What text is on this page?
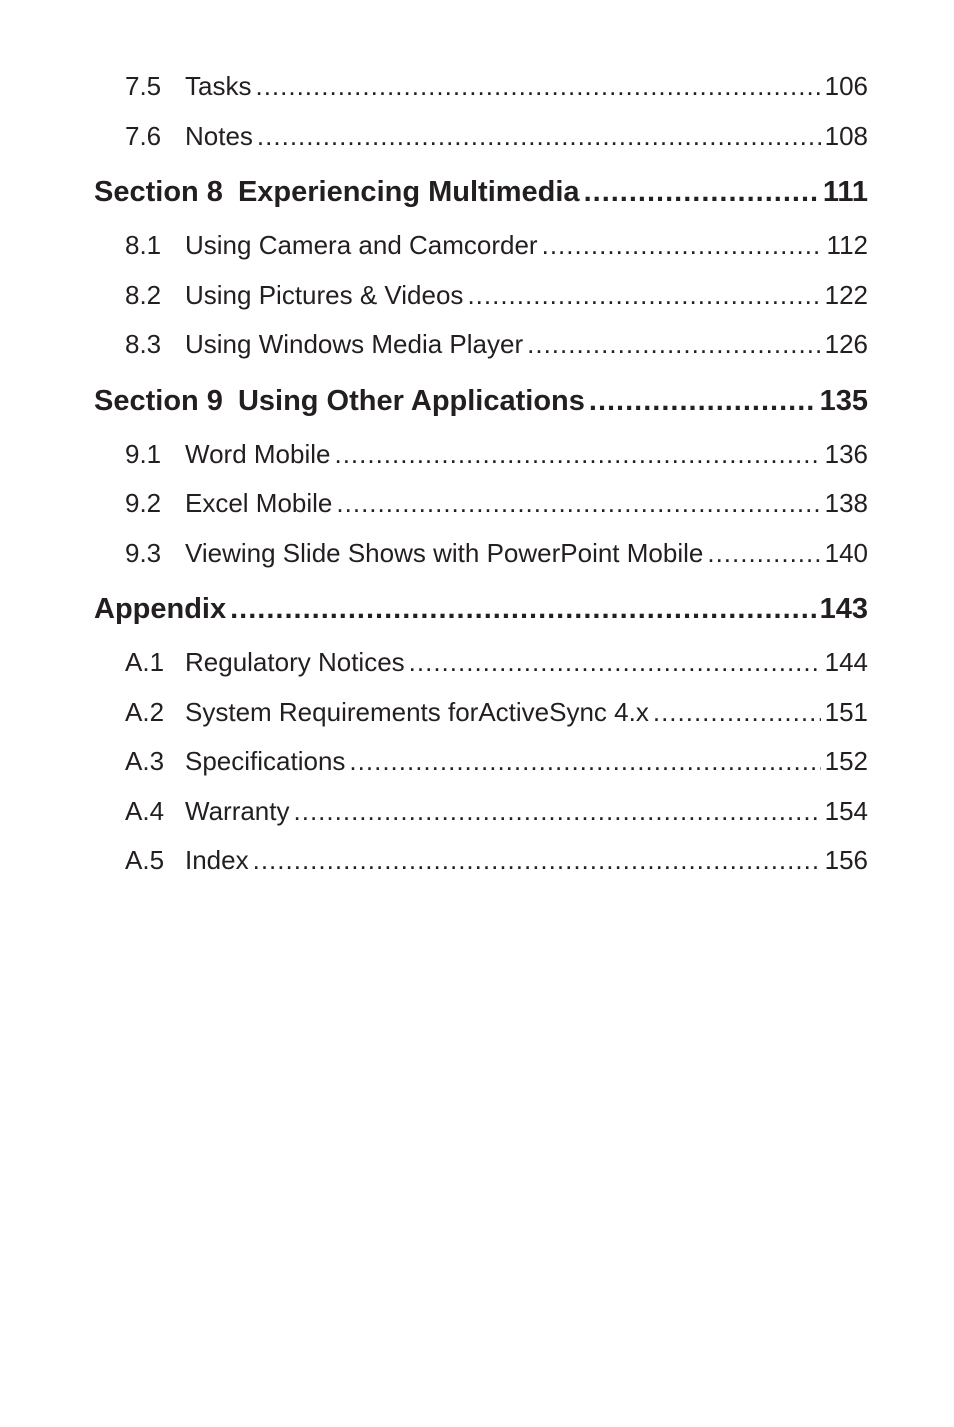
7.5 Tasks .....	106
7.6 Notes .....	108
Section 8 Experiencing Multimedia .....	111
8.1 Using Camera and Camcorder .....	112
8.2 Using Pictures & Videos .....	122
8.3 Using Windows Media Player .....	126
Section 9 Using Other Applications .....	135
9.1 Word Mobile .....	136
9.2 Excel Mobile .....	138
9.3 Viewing Slide Shows with PowerPoint Mobile .....	140
Appendix .....	143
A.1 Regulatory Notices .....	144
A.2 System Requirements forActiveSync 4.x .....	151
A.3 Specifications .....	152
A.4 Warranty .....	154
A.5 Index .....	156
